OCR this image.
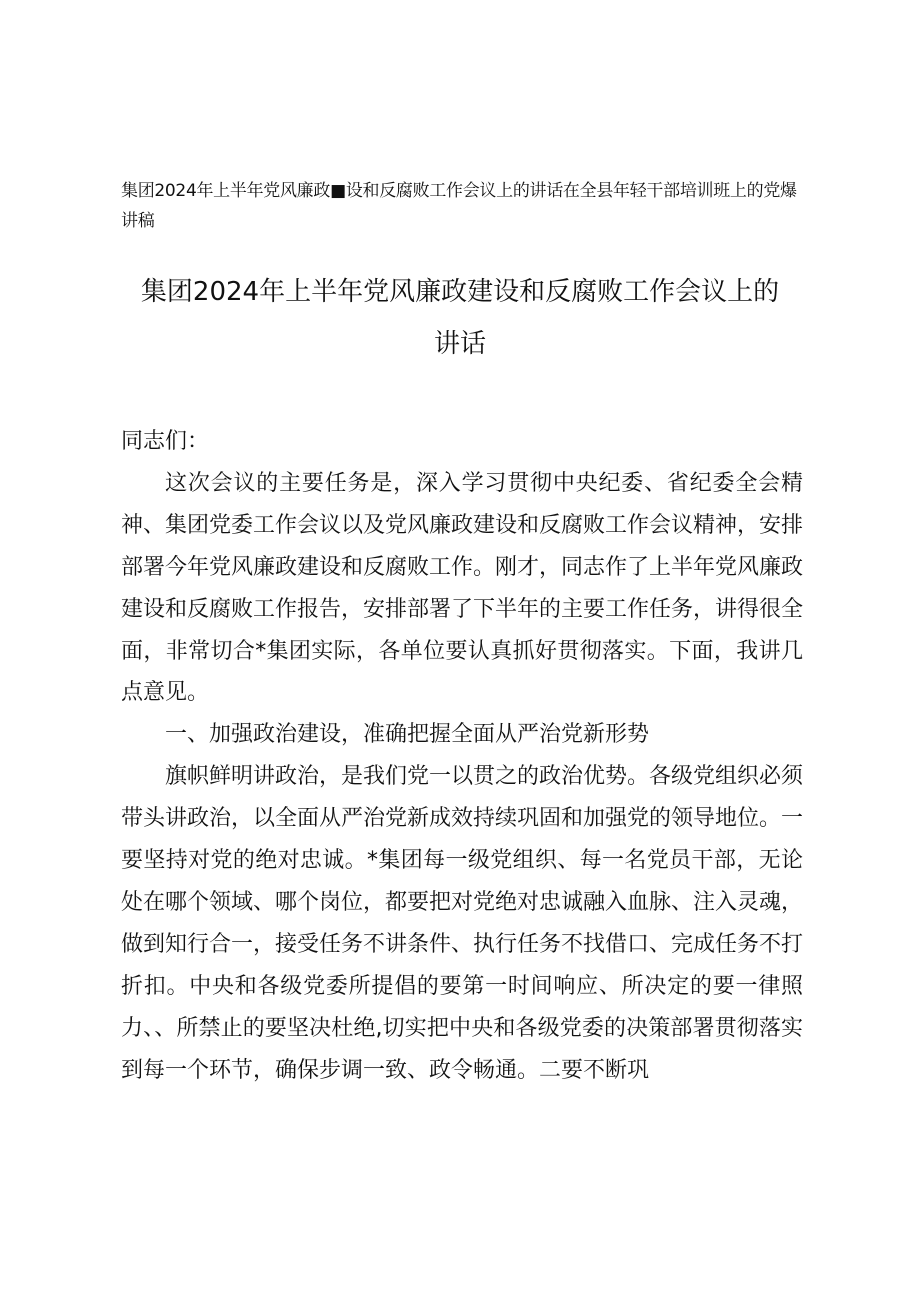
集团2024年上半年党风廉政■设和反腐败工作会议上的讲话在全县年轻干部培训班上的党爆讲稿
集团2024年上半年党风廉政建设和反腐败工作会议上的
讲话

同志们：

这次会议的主要任务是，深入学习贯彻中央纪委、省纪委全会精神、集团党委工作会议以及党风廉政建设和反腐败工作会议精神，安排部署今年党风廉政建设和反腐败工作。刚才，同志作了上半年党风廉政建设和反腐败工作报告，安排部署了下半年的主要工作任务，讲得很全面，非常切合*集团实际，各单位要认真抓好贯彻落实。下面，我讲几点意见。

一、加强政治建设，准确把握全面从严治党新形势

旗帜鲜明讲政治，是我们党一以贯之的政治优势。各级党组织必须带头讲政治，以全面从严治党新成效持续巩固和加强党的领导地位。一要坚持对党的绝对忠诚。*集团每一级党组织、每一名党员干部，无论处在哪个领域、哪个岗位，都要把对党绝对忠诚融入血脉、注入灵魂，做到知行合一，接受任务不讲条件、执行任务不找借口、完成任务不打折扣。中央和各级党委所提倡的要第一时间响应、所决定的要一律照力、、所禁止的要坚决杜绝,切实把中央和各级党委的决策部署贯彻落实到每一个环节，确保步调一致、政令畅通。二要不断巩
